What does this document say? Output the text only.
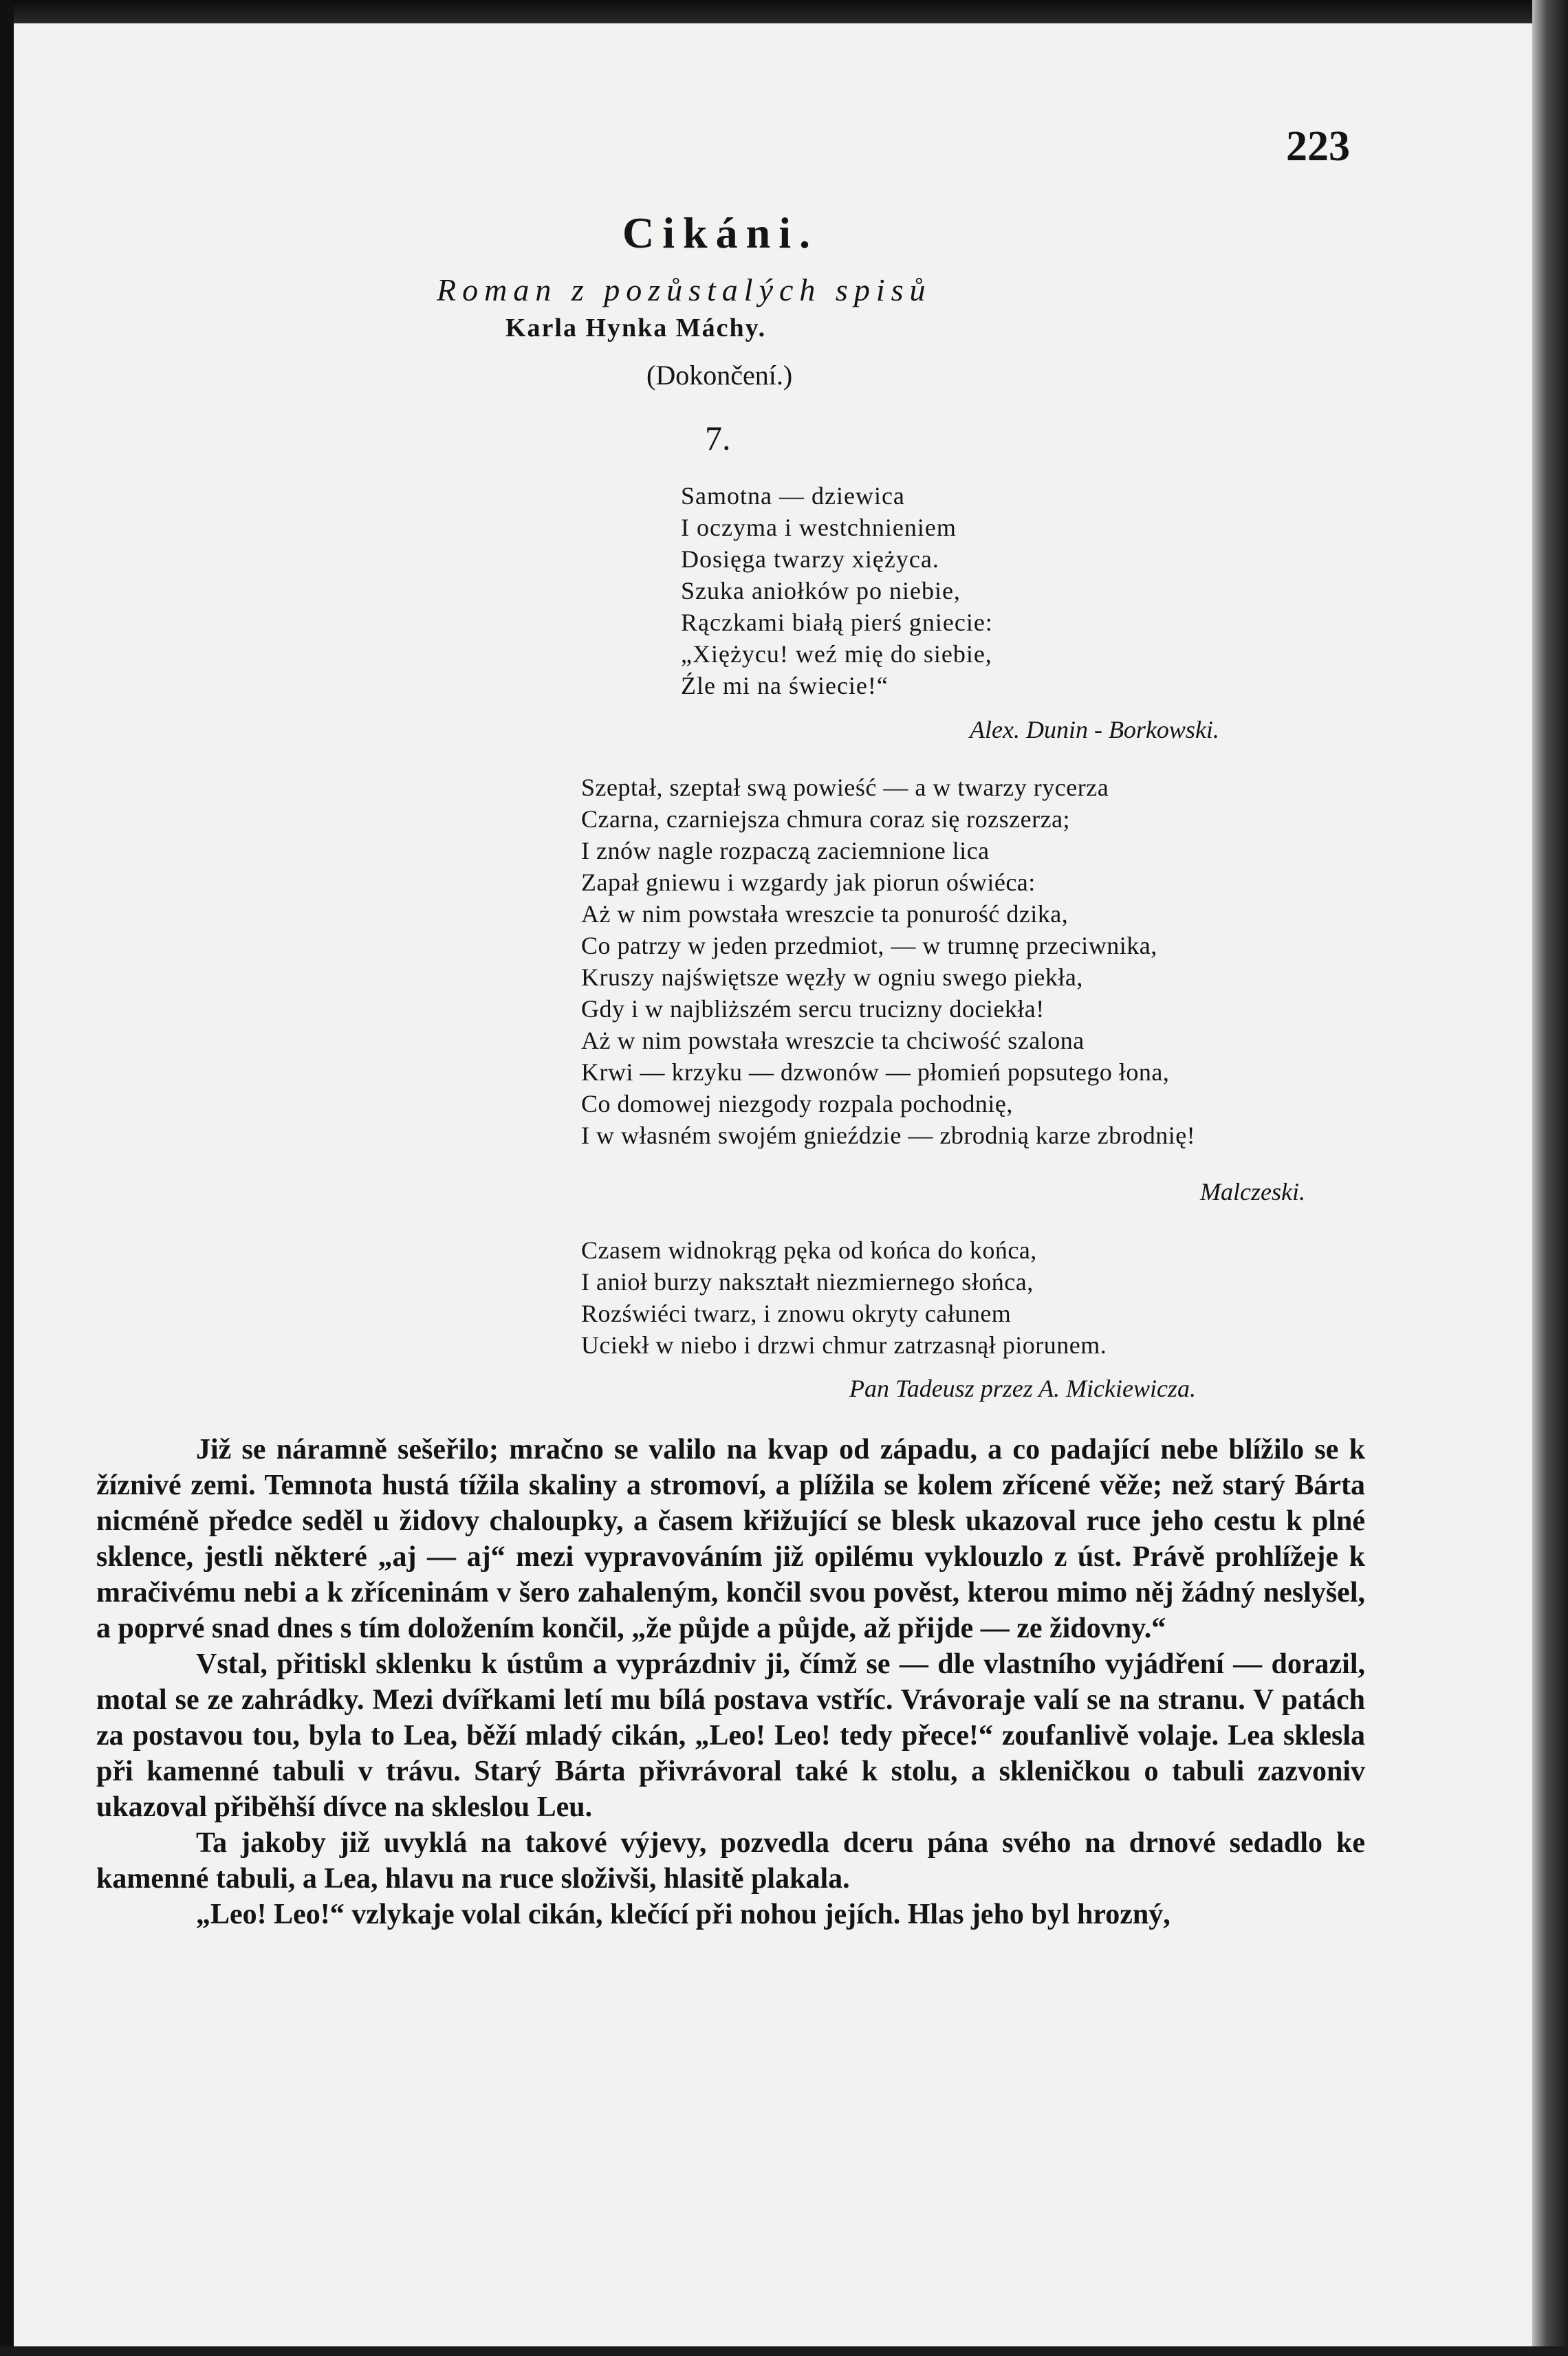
223
Cikáni.
Roman z pozůstalých spisů
Karla Hynka Máchy.
(Dokončení.)
7.
Samotna — dziewica
I oczyma i westchnieniem
Dosięga twarzy xiężyca.
Szuka aniołków po niebie,
Rączkami białą pierś gniecie:
„Xiężycu! weź mię do siebie,
Źle mi na świecie!“
Alex. Dunin - Borkowski.
Szeptał, szeptał swą powieść — a w twarzy rycerza
Czarna, czarniejsza chmura coraz się rozszerza;
I znów nagle rozpaczą zaciemnione lica
Zapał gniewu i wzgardy jak piorun oświéca:
Aż w nim powstała wreszcie ta ponurość dzika,
Co patrzy w jeden przedmiot, — w trumnę przeciwnika,
Kruszy najświętsze węzły w ogniu swego piekła,
Gdy i w najbliższém sercu trucizny dociekła!
Aż w nim powstała wreszcie ta chciwość szalona
Krwi — krzyku — dzwonów — płomień popsutego łona,
Co domowej niezgody rozpala pochodnię,
I w własném swojém gnieździe — zbrodnią karze zbrodnię!
Malczeski.
Czasem widnokrąg pęka od końca do końca,
I anioł burzy nakształt niezmiernego słońca,
Rozświéci twarz, i znowu okryty całunem
Uciekł w niebo i drzwi chmur zatrzasnął piorunem.
Pan Tadeusz przez A. Mickiewicza.

Již se náramně sešeřilo; mračno se valilo na kvap od západu, a co padající nebe blížilo se k žíznivé zemi. Temnota hustá tížila skaliny a stromoví, a plížila se kolem zřícené věže; než starý Bárta nicméně předce seděl u židovy chaloupky, a časem křižující se blesk ukazoval ruce jeho cestu k plné sklence, jestli některé „aj — aj“ mezi vypravováním již opilému vyklouzlo z úst. Právě prohlížeje k mračivému nebi a k zříceninám v šero zahaleným, končil svou pověst, kterou mimo něj žádný neslyšel, a poprvé snad dnes s tím doložením končil, „že půjde a půjde, až přijde — ze židovny.“

Vstal, přitiskl sklenku k ústům a vyprázdniv ji, čímž se — dle vlastního vyjádření — dorazil, motal se ze zahrádky. Mezi dvířkami letí mu bílá postava vstříc. Vrávoraje valí se na stranu. V patách za postavou tou, byla to Lea, běží mladý cikán, „Leo! Leo! tedy přece!“ zoufanlivě volaje. Lea sklesla při kamenné tabuli v trávu. Starý Bárta přivrávoral také k stolu, a skleničkou o tabuli zazvoniv ukazoval přiběhší dívce na skleslou Leu.

Ta jakoby již uvyklá na takové výjevy, pozvedla dceru pána svého na drnové sedadlo ke kamenné tabuli, a Lea, hlavu na ruce složivši, hlasitě plakala.

„Leo! Leo!“ vzlykaje volal cikán, klečící při nohou jejích. Hlas jeho byl hrozný,
